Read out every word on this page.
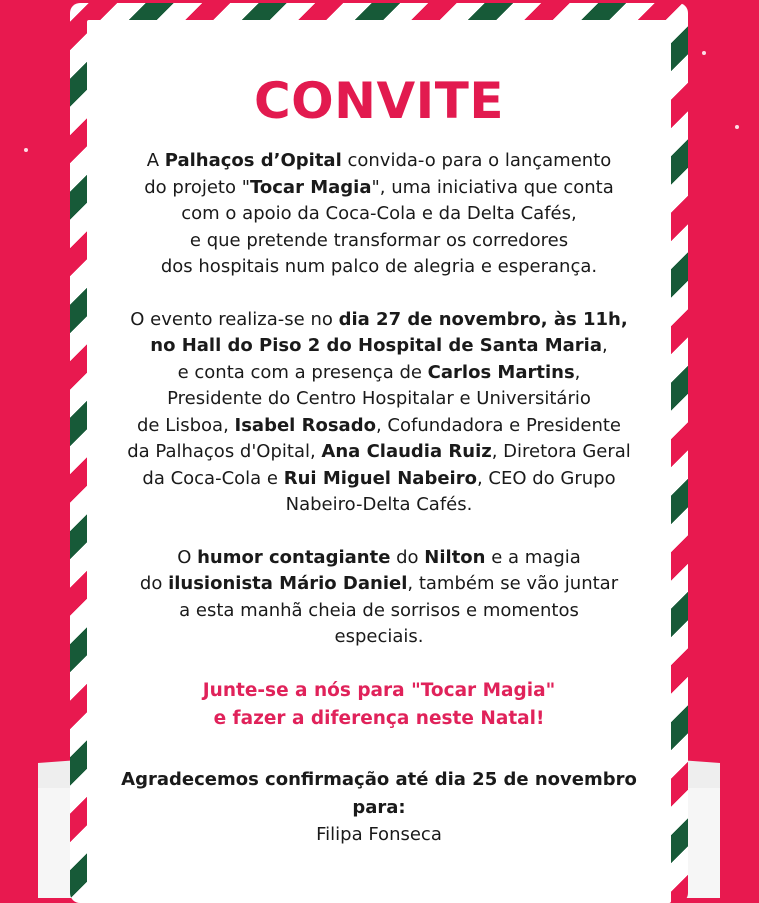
CONVITE

A Palhaços d’Opital convida-o para o lançamento
do projeto "Tocar Magia", uma iniciativa que conta
com o apoio da Coca-Cola e da Delta Cafés,
e que pretende transformar os corredores
dos hospitais num palco de alegria e esperança.

O evento realiza-se no dia 27 de novembro, às 11h,
no Hall do Piso 2 do Hospital de Santa Maria,
e conta com a presença de Carlos Martins,
Presidente do Centro Hospitalar e Universitário
de Lisboa, Isabel Rosado, Cofundadora e Presidente
da Palhaços d'Opital, Ana Claudia Ruiz, Diretora Geral
da Coca-Cola e Rui Miguel Nabeiro, CEO do Grupo
Nabeiro-Delta Cafés.

O humor contagiante do Nilton e a magia
do ilusionista Mário Daniel, também se vão juntar
a esta manhã cheia de sorrisos e momentos
especiais.

Junte-se a nós para "Tocar Magia"
e fazer a diferença neste Natal!

Agradecemos confirmação até dia 25 de novembro
para:

Filipa Fonseca
